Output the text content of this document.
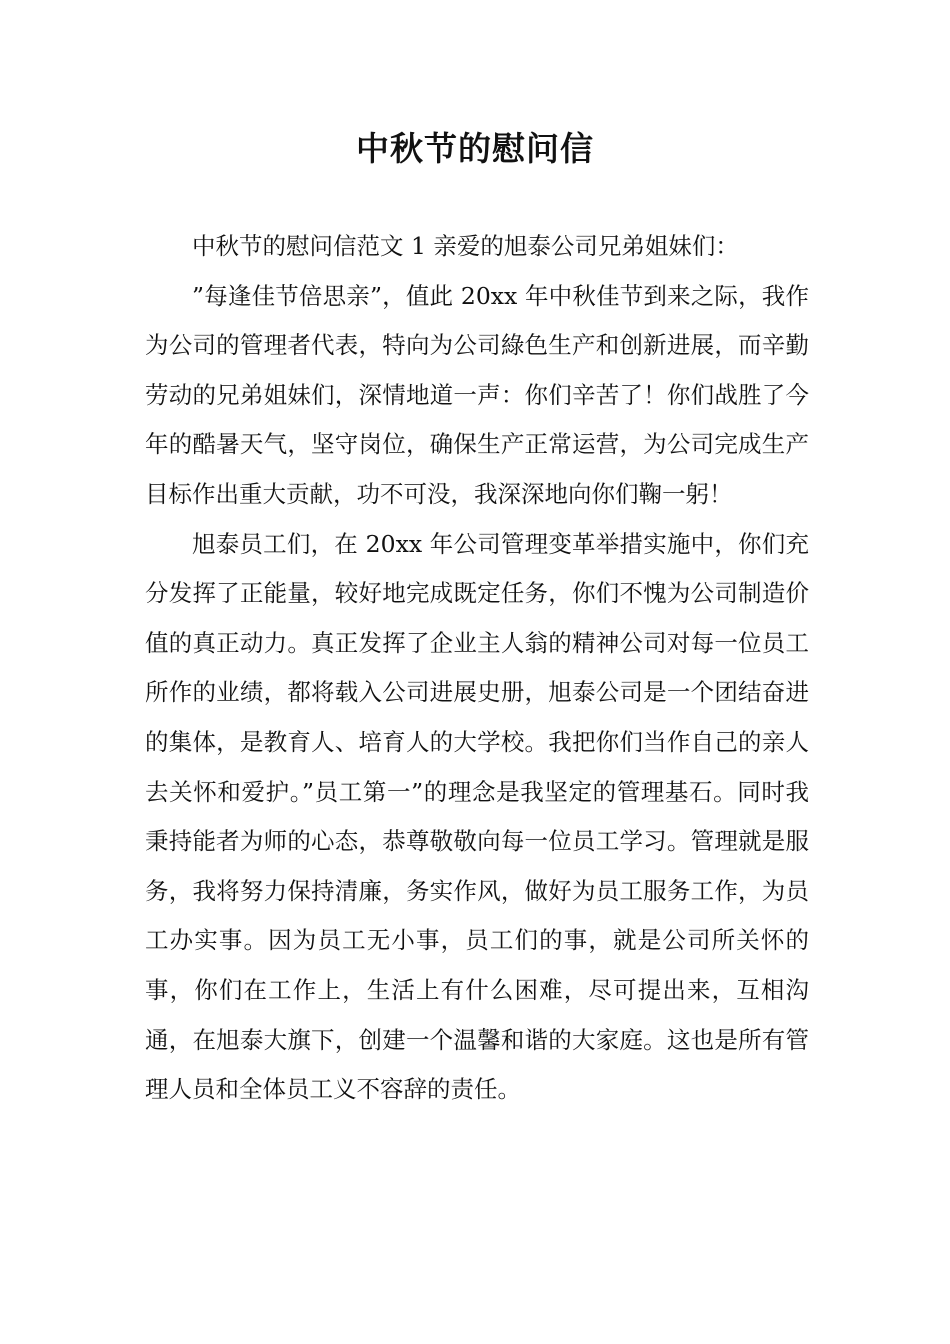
中秋节的慰问信

中秋节的慰问信范文 1 亲爱的旭泰公司兄弟姐妹们：

”每逢佳节倍思亲”，值此 20xx 年中秋佳节到来之际，我作为公司的管理者代表，特向为公司綠色生产和创新进展，而辛勤劳动的兄弟姐妹们，深情地道一声：你们辛苦了！你们战胜了今年的酷暑天气，坚守岗位，确保生产正常运营，为公司完成生产目标作出重大贡献，功不可没，我深深地向你们鞠一躬！

旭泰员工们，在 20xx 年公司管理变革举措实施中，你们充分发挥了正能量，较好地完成既定任务，你们不愧为公司制造价值的真正动力。真正发挥了企业主人翁的精神公司对每一位员工所作的业绩，都将载入公司进展史册，旭泰公司是一个团结奋进的集体，是教育人、培育人的大学校。我把你们当作自己的亲人去关怀和爱护。”员工第一”的理念是我坚定的管理基石。同时我秉持能者为师的心态，恭尊敬敬向每一位员工学习。管理就是服务，我将努力保持清廉，务实作风，做好为员工服务工作，为员工办实事。因为员工无小事，员工们的事，就是公司所关怀的事，你们在工作上，生活上有什么困难，尽可提出来，互相沟通，在旭泰大旗下，创建一个温馨和谐的大家庭。这也是所有管理人员和全体员工义不容辞的责任。
